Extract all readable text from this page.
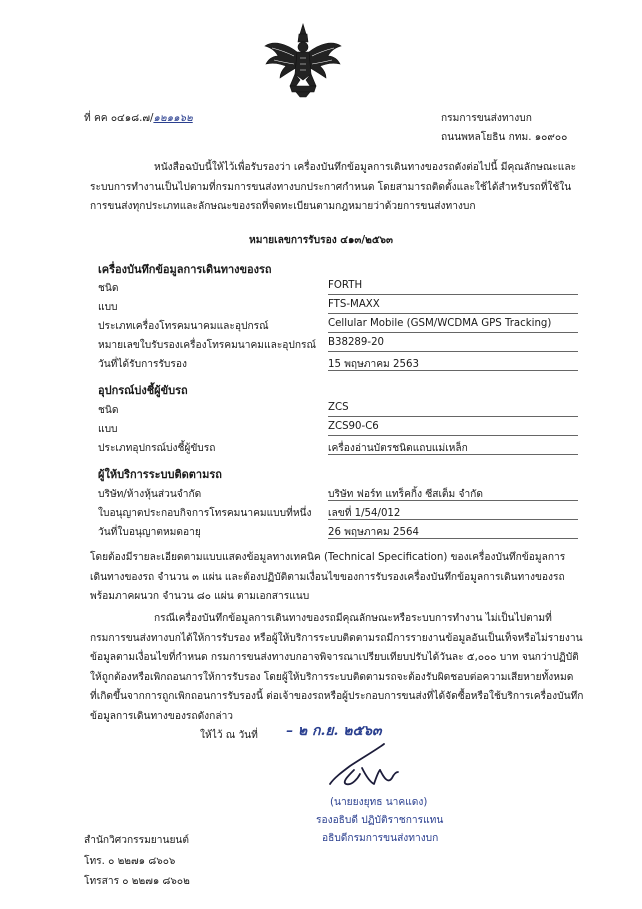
ที่ คค ๐๔๑๘.๗/๑๒๑๑๖๒	กรมการขนส่งทางบก
ถนนพหลโยธิน กทม. ๑๐๙๐๐
หนังสือฉบับนี้ให้ไว้เพื่อรับรองว่า เครื่องบันทึกข้อมูลการเดินทางของรถดังต่อไปนี้ มีคุณลักษณะและ
ระบบการทำงานเป็นไปตามที่กรมการขนส่งทางบกประกาศกำหนด โดยสามารถติดตั้งและใช้ได้สำหรับรถที่ใช้ใน
การขนส่งทุกประเภทและลักษณะของรถที่จดทะเบียนตามกฎหมายว่าด้วยการขนส่งทางบก
หมายเลขการรับรอง ๔๑๓/๒๕๖๓
เครื่องบันทึกข้อมูลการเดินทางของรถ
ชนิด	FORTH
แบบ	FTS-MAXX
ประเภทเครื่องโทรคมนาคมและอุปกรณ์	Cellular Mobile (GSM/WCDMA GPS Tracking)
หมายเลขใบรับรองเครื่องโทรคมนาคมและอุปกรณ์ B38289-20
วันที่ได้รับการรับรอง	15 พฤษภาคม 2563
อุปกรณ์บ่งชี้ผู้ขับรถ
ชนิด	ZCS
แบบ	ZCS90-C6
ประเภทอุปกรณ์บ่งชี้ผู้ขับรถ	เครื่องอ่านบัตรชนิดแถบแม่เหล็ก
ผู้ให้บริการระบบติดตามรถ
บริษัท/ห้างหุ้นส่วนจำกัด	บริษัท ฟอร์ท แทร็คกิ้ง ซีสเต็ม จำกัด
ใบอนุญาตประกอบกิจการโทรคมนาคมแบบที่หนึ่ง เลขที่ 1/54/012
วันที่ใบอนุญาตหมดอายุ	26 พฤษภาคม 2564
โดยต้องมีรายละเอียดตามแบบแสดงข้อมูลทางเทคนิค (Technical Specification) ของเครื่องบันทึกข้อมูลการ
เดินทางของรถ จำนวน ๓ แผ่น และต้องปฏิบัติตามเงื่อนไขของการรับรองเครื่องบันทึกข้อมูลการเดินทางของรถ
พร้อมภาคผนวก จำนวน ๘๐ แผ่น ตามเอกสารแนบ
กรณีเครื่องบันทึกข้อมูลการเดินทางของรถมีคุณลักษณะหรือระบบการทำงาน ไม่เป็นไปตามที่
กรมการขนส่งทางบกได้ให้การรับรอง หรือผู้ให้บริการระบบติดตามรถมีการรายงานข้อมูลอันเป็นเท็จหรือไม่รายงาน
ข้อมูลตามเงื่อนไขที่กำหนด กรมการขนส่งทางบกอาจพิจารณาเปรียบเทียบปรับได้วันละ ๕,๐๐๐ บาท จนกว่าปฏิบัติ
ให้ถูกต้องหรือเพิกถอนการให้การรับรอง โดยผู้ให้บริการระบบติดตามรถจะต้องรับผิดชอบต่อความเสียหายทั้งหมด
ที่เกิดขึ้นจากการถูกเพิกถอนการรับรองนี้ ต่อเจ้าของรถหรือผู้ประกอบการขนส่งที่ได้จัดซื้อหรือใช้บริการเครื่องบันทึก
ข้อมูลการเดินทางของรถดังกล่าว
ให้ไว้ ณ วันที่ – ๒ ก.ย. ๒๕๖๓
(นายยงยุทธ นาคแดง)
รองอธิบดี ปฏิบัติราชการแทน
อธิบดีกรมการขนส่งทางบก
สำนักวิศวกรรมยานยนต์
โทร. ๐ ๒๒๗๑ ๘๖๐๖
โทรสาร ๐ ๒๒๗๑ ๘๖๐๒
